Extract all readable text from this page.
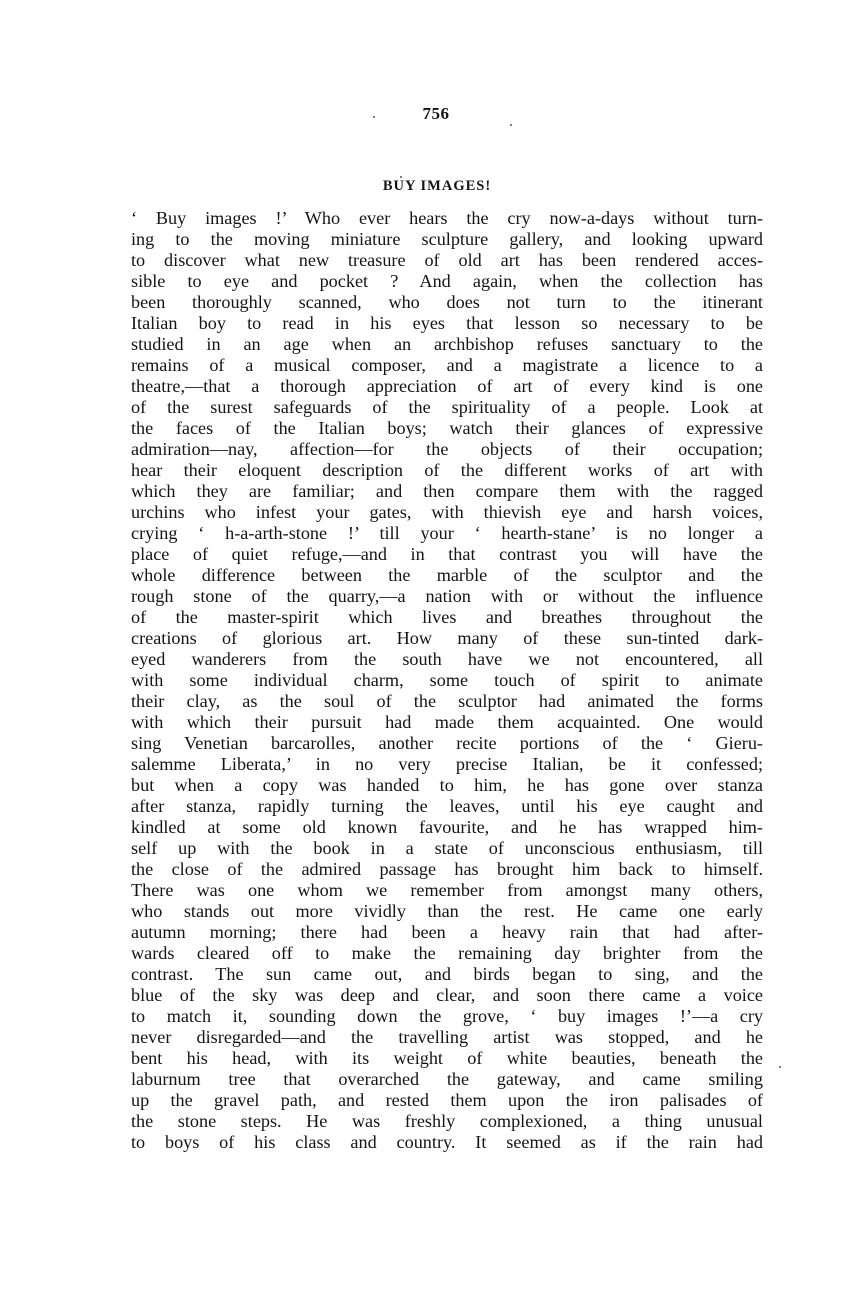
756
BUY IMAGES!
‘ Buy images !’ Who ever hears the cry now-a-days without turn-
ing to the moving miniature sculpture gallery, and looking upward
to discover what new treasure of old art has been rendered acces-
sible to eye and pocket ? And again, when the collection has
been thoroughly scanned, who does not turn to the itinerant
Italian boy to read in his eyes that lesson so necessary to be
studied in an age when an archbishop refuses sanctuary to the
remains of a musical composer, and a magistrate a licence to a
theatre,—that a thorough appreciation of art of every kind is one
of the surest safeguards of the spirituality of a people. Look at
the faces of the Italian boys; watch their glances of expressive
admiration—nay, affection—for the objects of their occupation;
hear their eloquent description of the different works of art with
which they are familiar; and then compare them with the ragged
urchins who infest your gates, with thievish eye and harsh voices,
crying ‘ h-a-arth-stone !’ till your ‘ hearth-stane’ is no longer a
place of quiet refuge,—and in that contrast you will have the
whole difference between the marble of the sculptor and the
rough stone of the quarry,—a nation with or without the influence
of the master-spirit which lives and breathes throughout the
creations of glorious art. How many of these sun-tinted dark-
eyed wanderers from the south have we not encountered, all
with some individual charm, some touch of spirit to animate
their clay, as the soul of the sculptor had animated the forms
with which their pursuit had made them acquainted. One would
sing Venetian barcarolles, another recite portions of the ‘ Gieru-
salemme Liberata,’ in no very precise Italian, be it confessed;
but when a copy was handed to him, he has gone over stanza
after stanza, rapidly turning the leaves, until his eye caught and
kindled at some old known favourite, and he has wrapped him-
self up with the book in a state of unconscious enthusiasm, till
the close of the admired passage has brought him back to himself.
There was one whom we remember from amongst many others,
who stands out more vividly than the rest. He came one early
autumn morning; there had been a heavy rain that had after-
wards cleared off to make the remaining day brighter from the
contrast. The sun came out, and birds began to sing, and the
blue of the sky was deep and clear, and soon there came a voice
to match it, sounding down the grove, ‘ buy images !’—a cry
never disregarded—and the travelling artist was stopped, and he
bent his head, with its weight of white beauties, beneath the
laburnum tree that overarched the gateway, and came smiling
up the gravel path, and rested them upon the iron palisades of
the stone steps. He was freshly complexioned, a thing unusual
to boys of his class and country. It seemed as if the rain had
